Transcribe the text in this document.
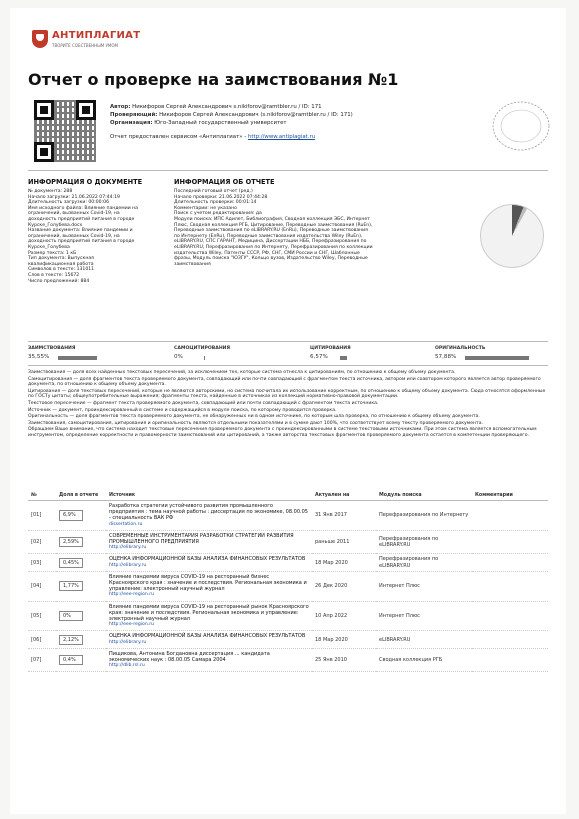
АНТИПЛАГИАТ
ТВОРИТЕ СОБСТВЕННЫМ УМОМ
Отчет о проверке на заимствования №1
Автор: Никифоров Сергей Александрович s.nikiforov@ramtbler.ru / ID: 171
Проверяющий: Никифоров Сергей Александрович (s.nikiforov@ramtbler.ru / ID: 171)
Организация: Юго-Западный государственный университет
Отчет предоставлен сервисом «Антиплагиат» - http://www.antiplagiat.ru
ИНФОРМАЦИЯ О ДОКУМЕНТЕ
№ документа: 288
Начало загрузки: 21.06.2022 07:44:19
Длительность загрузки: 00:00:06
Имя исходного файла: Влияние пандемии на
ограничений, вызванных Covid-19, на
доходность предприятий питания в городе
Курске_Голубева.docx
Название документа: Влияние пандемии и
ограничений, вызванных Covid-19, на
доходность предприятий питания в городе
Курске_Голубева
Размер текста: 1 кБ
Тип документа: Выпускная
квалификационная работа
Символов в тексте: 131011
Слов в тексте: 15672
Число предложений: 884
ИНФОРМАЦИЯ ОБ ОТЧЕТЕ
Последний готовый отчет (ред.)
Начало проверки: 21.06.2022 07:44:28
Длительность проверки: 00:01:14
Комментарии: не указано
Поиск с учетом редактирования: да
Модули поиска: ИПС Адилет, Библиография, Сводная коллекция ЭБС, Интернет
Плюс, Сводная коллекция РГБ, Цитирование, Переводные заимствования (RuEn),
Переводные заимствования по eLIBRARY.RU (EnRu), Переводные заимствования
по Интернету (EnRu), Переводные заимствования издательства Wiley (RuEn),
eLIBRARY.RU, СПС ГАРАНТ, Медицина, Диссертации НББ, Перефразирования по
eLIBRARY.RU, Перефразирования по Интернету, Перефразирования по коллекции
издательства Wiley, Патенты СССР, РФ, СНГ, СМИ России и СНГ, Шаблонные
фразы, Модуль поиска "ЮЗГУ", Кольцо вузов, Издательство Wiley, Переводные
заимствования
ЗАИМСТВОВАНИЯ
35,55%
САМОЦИТИРОВАНИЯ
0%
ЦИТИРОВАНИЯ
6,57%
ОРИГИНАЛЬНОСТЬ
57,88%
Заимствования — доля всех найденных текстовых пересечений, за исключением тех, которые система отнесла к цитированиям, по отношению к общему объему документа.
Самоцитирования — доля фрагментов текста проверяемого документа, совпадающий или почти совпадающий с фрагментом текста источника, автором или соавтором которого является автор проверяемого документа, по отношению к общему объему документа.
Цитирования — доля текстовых пересечений, которые не являются авторскими, но система посчитала их использование корректным, по отношению к общему объему документа. Сюда относятся оформленные по ГОСТу цитаты; общеупотребительные выражения; фрагменты текста, найденные в источниках из коллекций нормативно-правовой документации.
Текстовое пересечение — фрагмент текста проверяемого документа, совпадающий или почти совпадающий с фрагментом текста источника.
Источник — документ, проиндексированный в системе и содержащийся в модуле поиска, по которому проводится проверка.
Оригинальность — доля фрагментов текста проверяемого документа, не обнаруженных ни в одном источнике, по которым шла проверка, по отношению к общему объему документа.
Заимствования, самоцитирования, цитирования и оригинальность являются отдельными показателями и в сумме дают 100%, что соответствует всему тексту проверяемого документа.
Обращаем Ваше внимание, что система находит текстовые пересечения проверяемого документа с проиндексированными в системе текстовыми источниками. При этом система является вспомогательным инструментом, определение корректности и правомерности заимствований или цитирований, а также авторства текстовых фрагментов проверяемого документа остается в компетенции проверяющего.
№	Доля в отчете	Источник	Актуален на	Модуль поиска	Комментарии
[01]	6,9%	Разработка стратегии устойчивого развития промышленного предприятия : тема научной работы : диссертация по экономике, 08.00.05 - специальность ВАК РФ
dissertation.ru	31 Янв 2017	Перефразирования по Интернету	
[02]	2,59%	СОВРЕМЕННЫЕ ИНСТРУМЕНТАРИЯ РАЗРАБОТКИ СТРАТЕГИИ РАЗВИТИЯ ПРОМЫШЛЕННОГО ПРЕДПРИЯТИЯ
http://elibrary.ru	раньше 2011	Перефразирования по eLIBRARY.RU	
[03]	0,45%	ОЦЕНКА ИНФОРМАЦИОННОЙ БАЗЫ АНАЛИЗА ФИНАНСОВЫХ РЕЗУЛЬТАТОВ
http://elibrary.ru	18 Мар 2020	Перефразирования по eLIBRARY.RU	
[04]	1,77%	Влияние пандемии вируса COVID-19 на ресторанный бизнес Красноярского края : значение и последствия. Региональная экономика и управление: электронный научный журнал
http://eee-region.ru	26 Дек 2020	Интернет Плюс	
[05]	0%	Влияние пандемии вируса COVID-19 на ресторанный рынок Красноярского края: значение и последствия. Региональная экономика и управление: электронный научный журнал
http://eee-region.ru	10 Апр 2022	Интернет Плюс	
[06]	2,12%	ОЦЕНКА ИНФОРМАЦИОННОЙ БАЗЫ АНАЛИЗА ФИНАНСОВЫХ РЕЗУЛЬТАТОВ
http://elibrary.ru	18 Мар 2020	eLIBRARY.RU	
[07]	0,4%	Пищикова, Антонина Богдановна диссертация ... кандидата экономических наук : 08.00.05 Самара 2004
http://dlib.rsl.ru	25 Янв 2010	Сводная коллекция РГБ	
